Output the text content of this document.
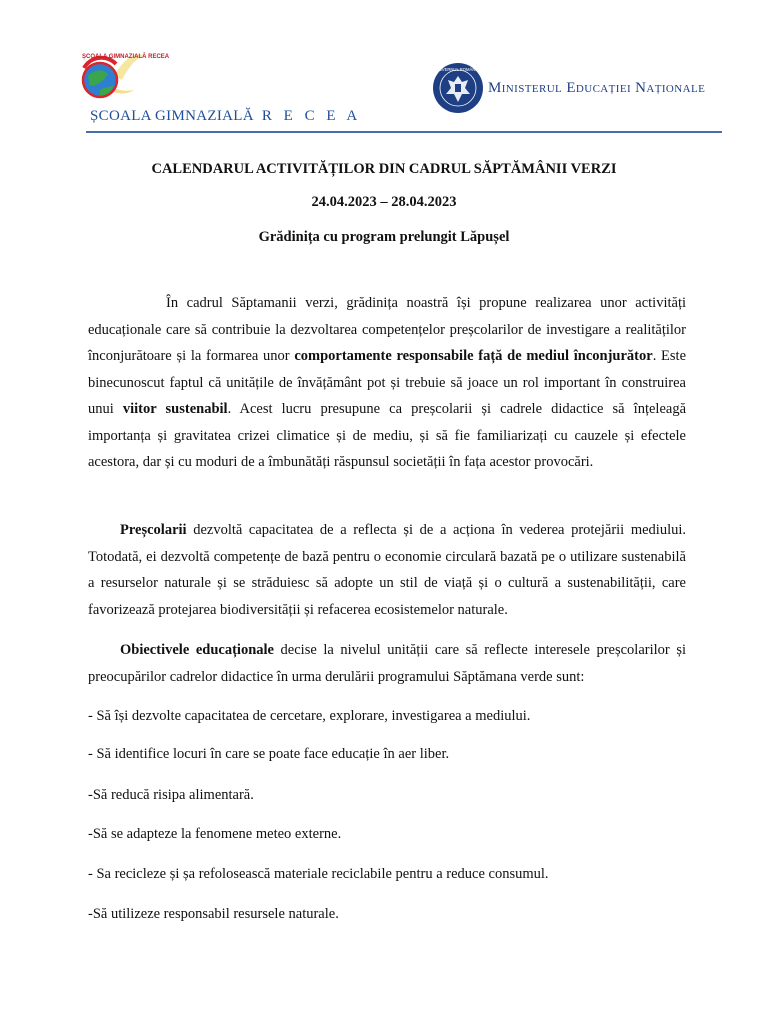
ȘCOALA GIMNAZIALĂ RECEA
ȘCOALA GIMNAZIALĂ R E C E A
GUVERNUL ROMÂNIEI
Ministerul Educației Naționale
CALENDARUL ACTIVITĂȚILOR DIN CADRUL SĂPTĂMÂNII VERZI
24.04.2023 – 28.04.2023
Grădinița cu program prelungit Lăpușel
În cadrul Săptamanii verzi, grădinița noastră își propune realizarea unor activități educaționale care să contribuie la dezvoltarea competențelor preșcolarilor de investigare a realităților înconjurătoare și la formarea unor comportamente responsabile față de mediul înconjurător. Este binecunoscut faptul că unitățile de învățământ pot și trebuie să joace un rol important în construirea unui viitor sustenabil. Acest lucru presupune ca preșcolarii și cadrele didactice să înțeleagă importanța și gravitatea crizei climatice și de mediu, și să fie familiarizați cu cauzele și efectele acestora, dar și cu moduri de a îmbunătăți răspunsul societății în fața acestor provocări.
Preșcolarii dezvoltă capacitatea de a reflecta și de a acționa în vederea protejării mediului. Totodată, ei dezvoltă competențe de bază pentru o economie circulară bazată pe o utilizare sustenabilă a resurselor naturale și se străduiesc să adopte un stil de viață și o cultură a sustenabilității, care favorizează protejarea biodiversității și refacerea ecosistemelor naturale.
Obiectivele educaționale decise la nivelul unității care să reflecte interesele preșcolarilor și preocupărilor cadrelor didactice în urma derulării programului Săptămana verde sunt:
- Să își dezvolte capacitatea de cercetare, explorare, investigarea a mediului.
- Să identifice locuri în care se poate face educație în aer liber.
-Să reducă risipa alimentară.
-Să se adapteze la fenomene meteo externe.
- Sa recicleze și șa refolosească materiale reciclabile pentru a reduce consumul.
-Să utilizeze responsabil resursele naturale.
